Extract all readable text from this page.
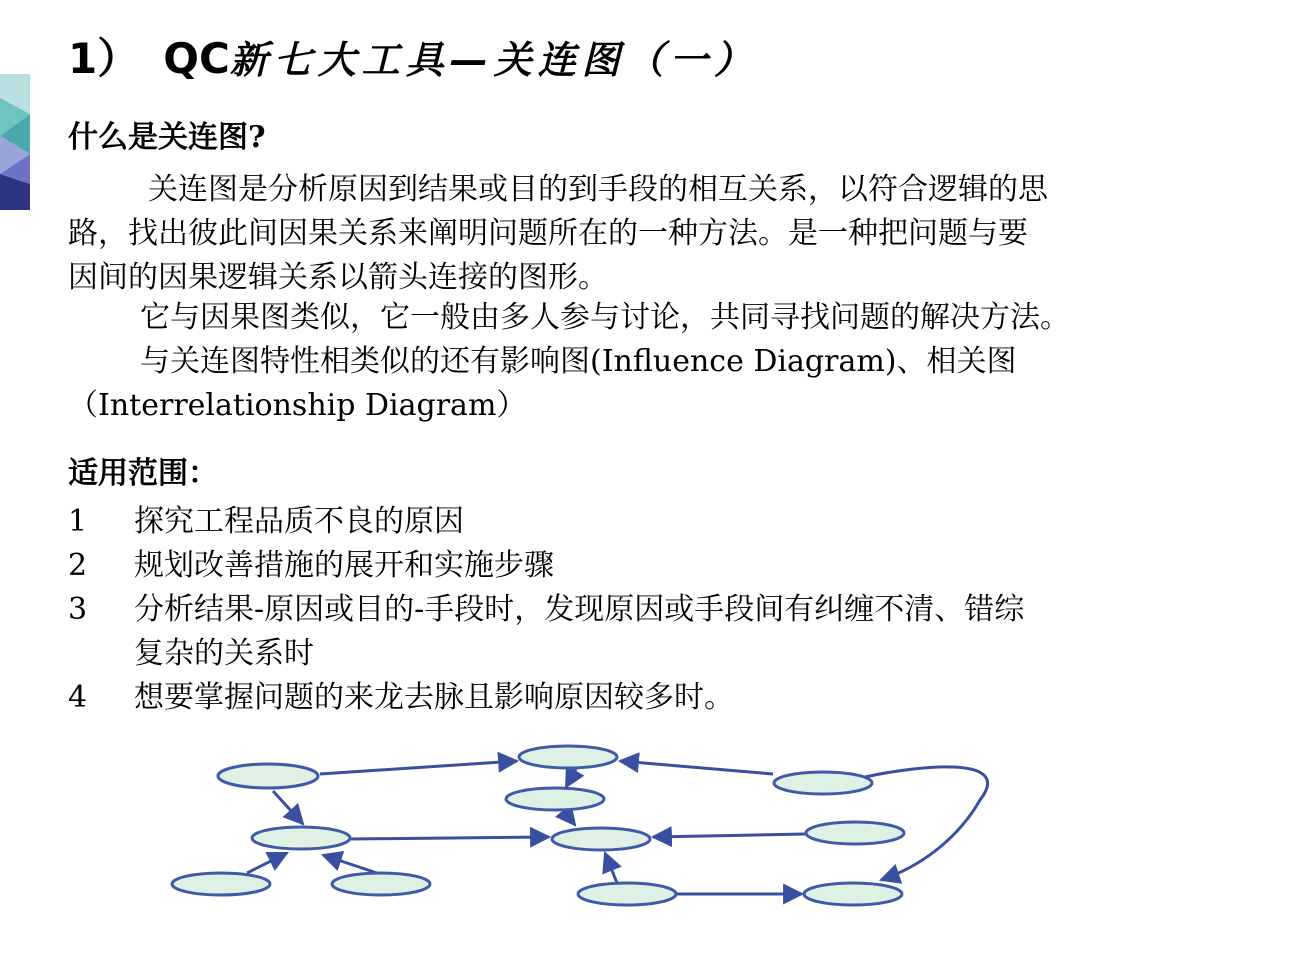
1） QC新七大工具—关连图（一）
什么是关连图?
关连图是分析原因到结果或目的到手段的相互关系，以符合逻辑的思
路，找出彼此间因果关系来阐明问题所在的一种方法。是一种把问题与要
因间的因果逻辑关系以箭头连接的图形。
它与因果图类似，它一般由多人参与讨论，共同寻找问题的解决方法。
与关连图特性相类似的还有影响图(Influence Diagram)、相关图
（Interrelationship Diagram）
适用范围：
1	探究工程品质不良的原因
2	规划改善措施的展开和实施步骤
3	分析结果-原因或目的-手段时，发现原因或手段间有纠缠不清、错综
复杂的关系时
4	想要掌握问题的来龙去脉且影响原因较多时。
